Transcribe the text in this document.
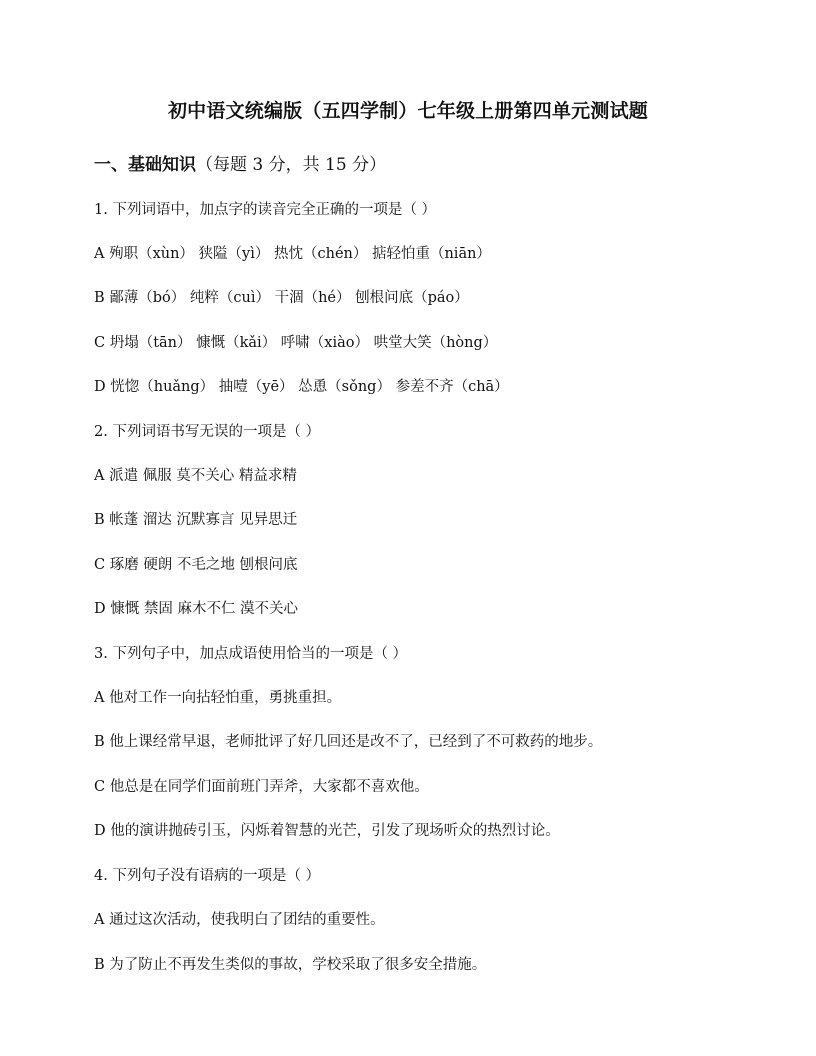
初中语文统编版（五四学制）七年级上册第四单元测试题
一、基础知识（每题 3 分，共 15 分）
1. 下列词语中，加点字的读音完全正确的一项是（ ）
A 殉职（xùn） 狭隘（yì） 热忱（chén） 掂轻怕重（niān）
B 鄙薄（bó） 纯粹（cuì） 干涸（hé） 刨根问底（páo）
C 坍塌（tān） 慷慨（kǎi） 呼啸（xiào） 哄堂大笑（hòng）
D 恍惚（huǎng） 抽噎（yē） 怂恿（sǒng） 参差不齐（chā）
2. 下列词语书写无误的一项是（ ）
A 派遣 佩服 莫不关心 精益求精
B 帐蓬 溜达 沉默寡言 见异思迁
C 琢磨 硬朗 不毛之地 刨根问底
D 慷慨 禁固 麻木不仁 漠不关心
3. 下列句子中，加点成语使用恰当的一项是（ ）
A 他对工作一向拈轻怕重，勇挑重担。
B 他上课经常早退，老师批评了好几回还是改不了，已经到了不可救药的地步。
C 他总是在同学们面前班门弄斧，大家都不喜欢他。
D 他的演讲抛砖引玉，闪烁着智慧的光芒，引发了现场听众的热烈讨论。
4. 下列句子没有语病的一项是（ ）
A 通过这次活动，使我明白了团结的重要性。
B 为了防止不再发生类似的事故，学校采取了很多安全措施。
